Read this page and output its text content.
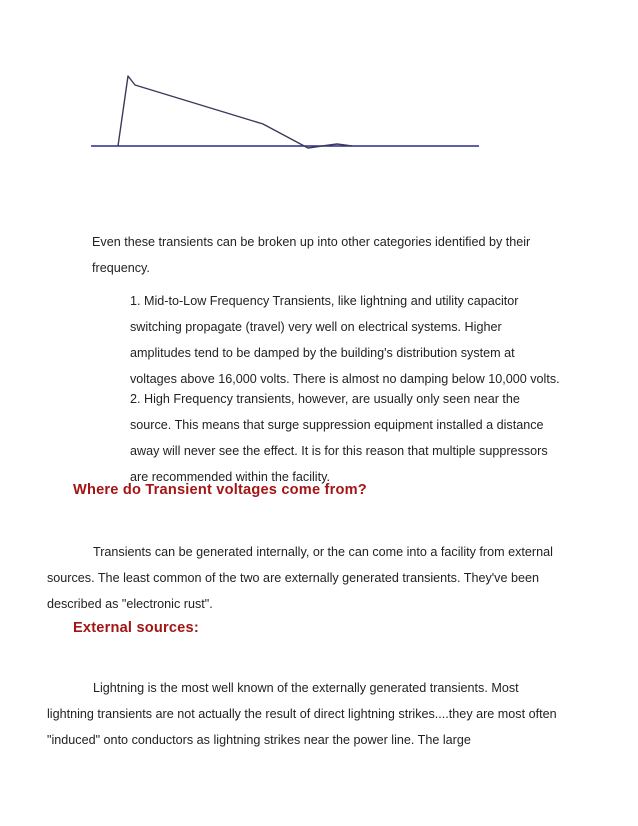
Even these transients can be broken up into other categories identified by their frequency.

1. Mid-to-Low Frequency Transients, like lightning and utility capacitor switching propagate (travel) very well on electrical systems. Higher amplitudes tend to be damped by the building's distribution system at voltages above 16,000 volts. There is almost no damping below 10,000 volts.

2. High Frequency transients, however, are usually only seen near the source. This means that surge suppression equipment installed a distance away will never see the effect. It is for this reason that multiple suppressors are recommended within the facility.

Where do Transient voltages come from?

Transients can be generated internally, or the can come into a facility from external sources. The least common of the two are externally generated transients. They've been described as "electronic rust".

External sources:

Lightning is the most well known of the externally generated transients. Most lightning transients are not actually the result of direct lightning strikes....they are most often "induced" onto conductors as lightning strikes near the power line. The large
